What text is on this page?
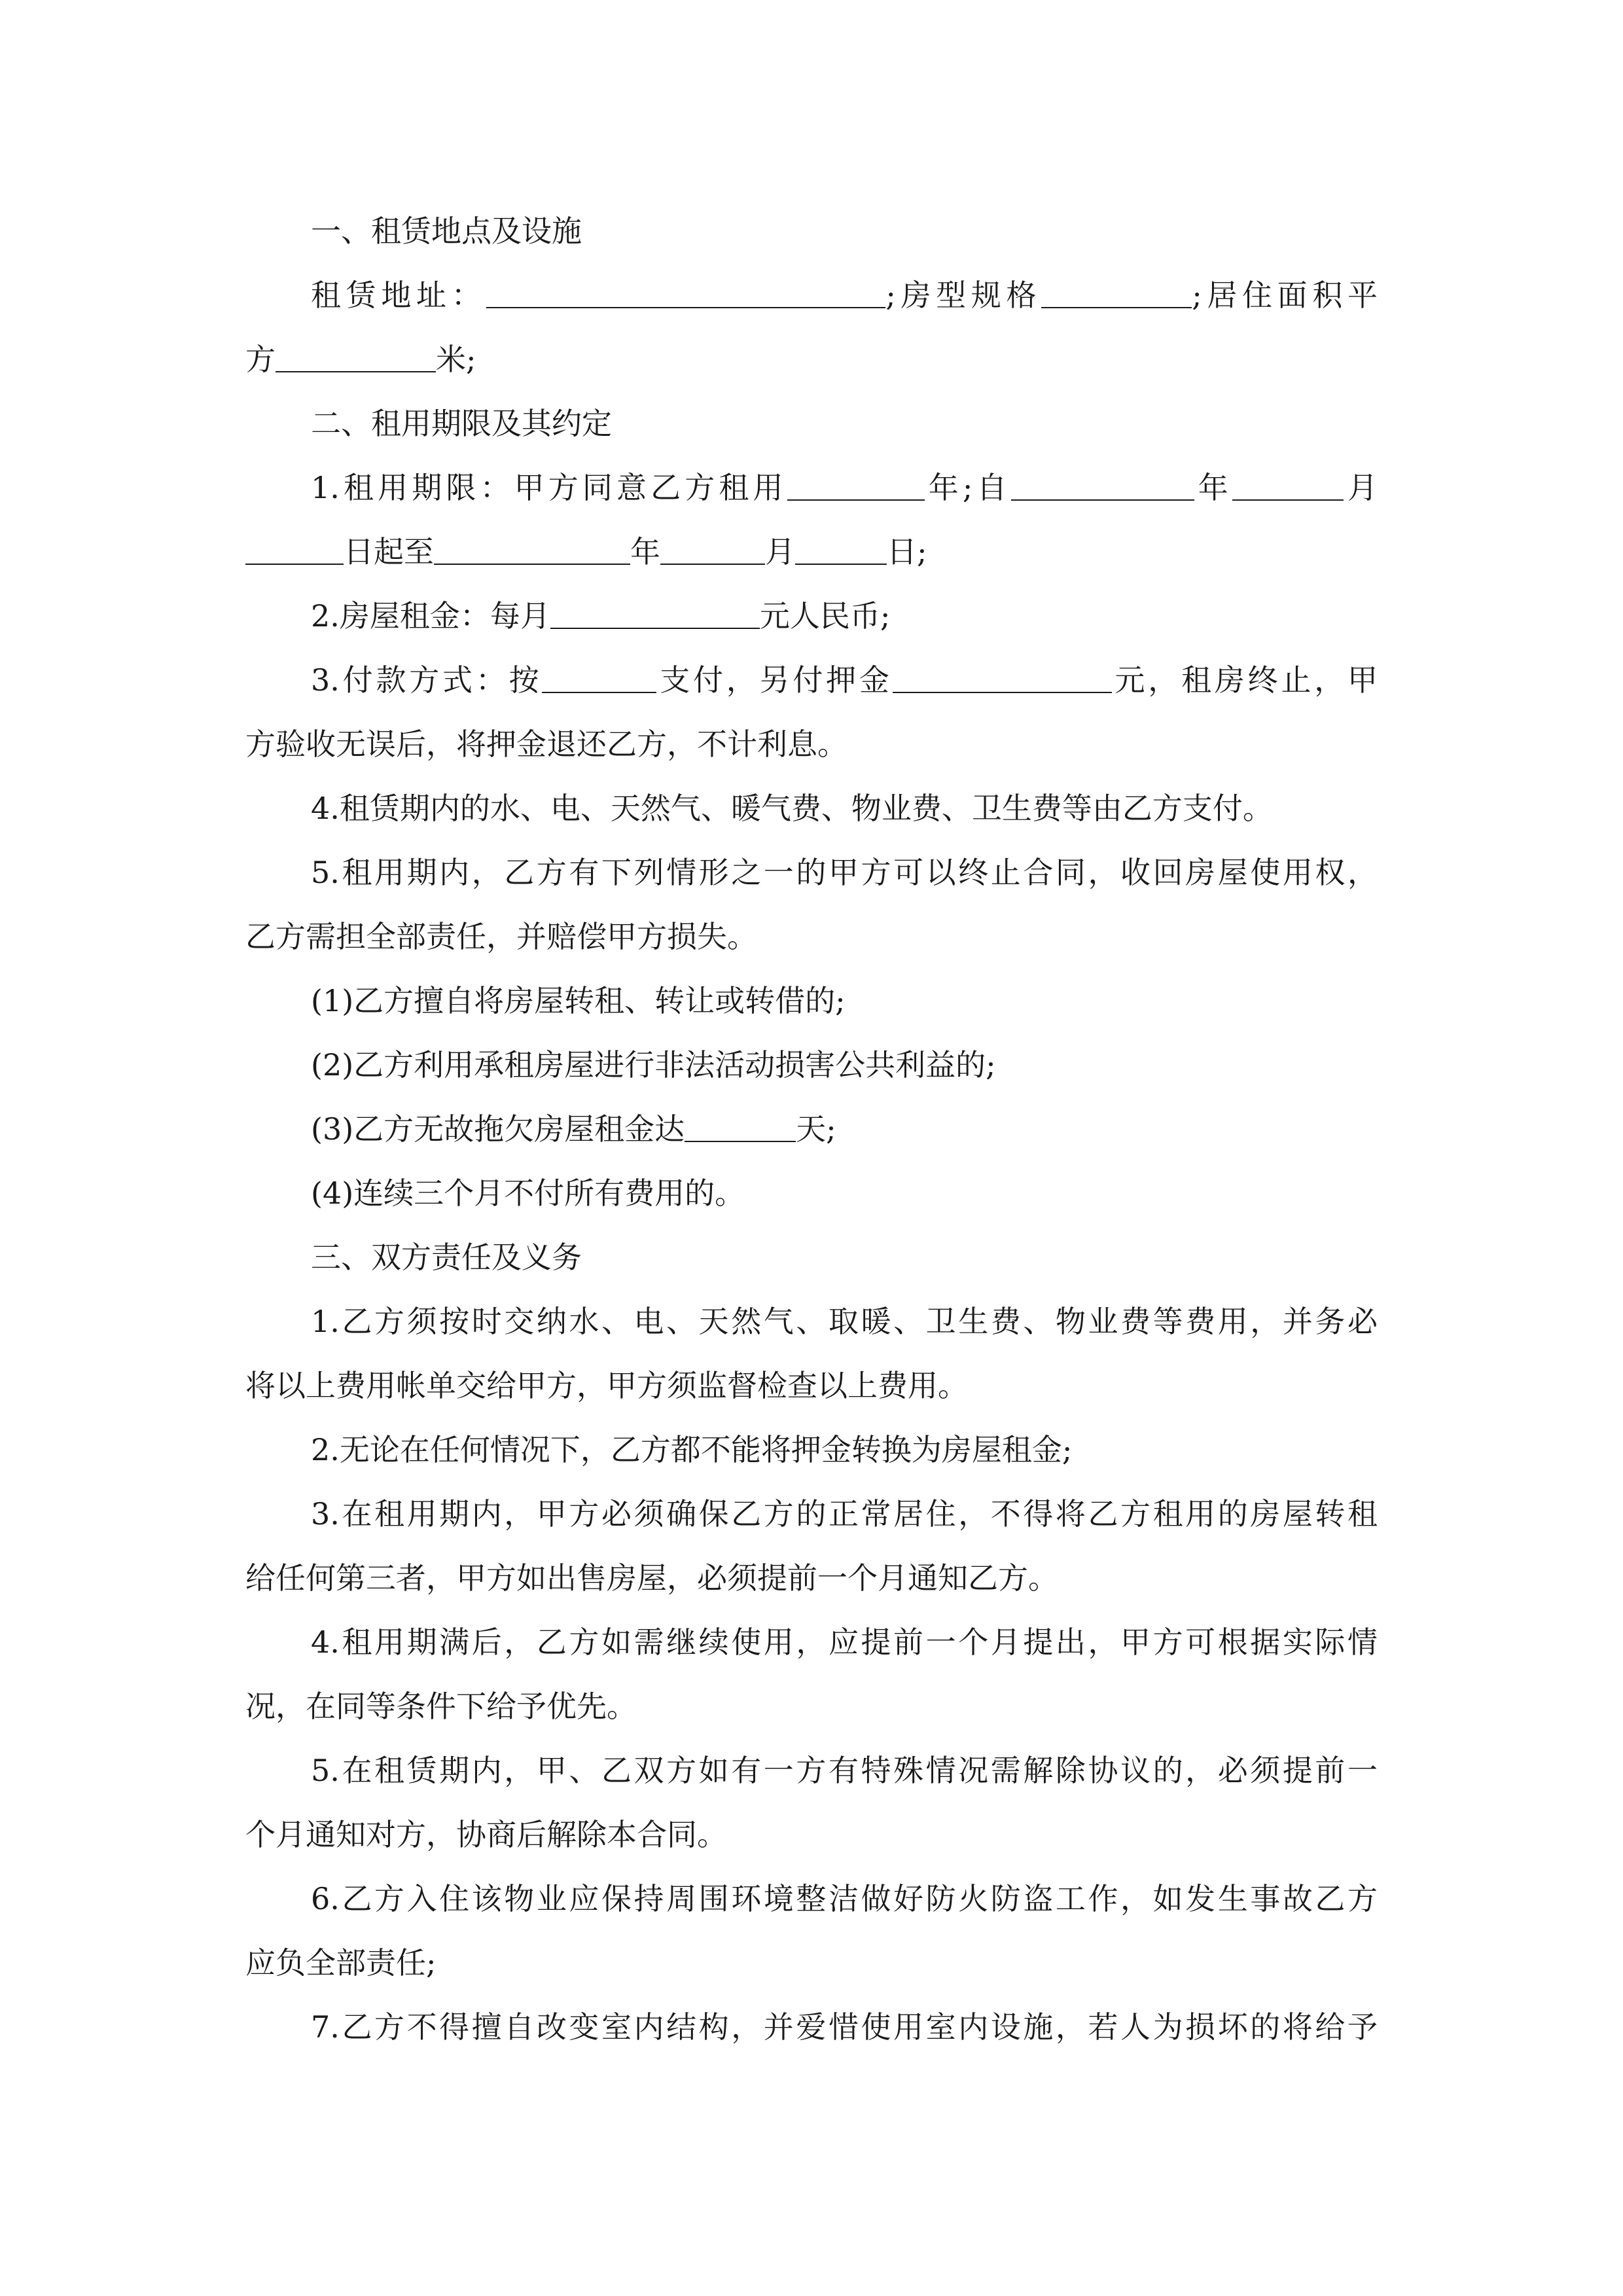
一、租赁地点及设施
租赁地址：	;房型规格	;居住面积平
方	米;
二、租用期限及其约定
1.租用期限：甲方同意乙方租用	年;自	年	月
日起至	年	月	日;
2.房屋租金：每月	元人民币;
3.付款方式：按	支付，另付押金	元，租房终止，甲
方验收无误后，将押金退还乙方，不计利息。
4.租赁期内的水、电、天然气、暖气费、物业费、卫生费等由乙方支付。
5.租用期内，乙方有下列情形之一的甲方可以终止合同，收回房屋使用权，
乙方需担全部责任，并赔偿甲方损失。
(1)乙方擅自将房屋转租、转让或转借的;
(2)乙方利用承租房屋进行非法活动损害公共利益的;
(3)乙方无故拖欠房屋租金达	天;
(4)连续三个月不付所有费用的。
三、双方责任及义务
1.乙方须按时交纳水、电、天然气、取暖、卫生费、物业费等费用，并务必
将以上费用帐单交给甲方，甲方须监督检查以上费用。
2.无论在任何情况下，乙方都不能将押金转换为房屋租金;
3.在租用期内，甲方必须确保乙方的正常居住，不得将乙方租用的房屋转租
给任何第三者，甲方如出售房屋，必须提前一个月通知乙方。
4.租用期满后，乙方如需继续使用，应提前一个月提出，甲方可根据实际情
况，在同等条件下给予优先。
5.在租赁期内，甲、乙双方如有一方有特殊情况需解除协议的，必须提前一
个月通知对方，协商后解除本合同。
6.乙方入住该物业应保持周围环境整洁做好防火防盗工作，如发生事故乙方
应负全部责任;
7.乙方不得擅自改变室内结构，并爱惜使用室内设施，若人为损坏的将给予
